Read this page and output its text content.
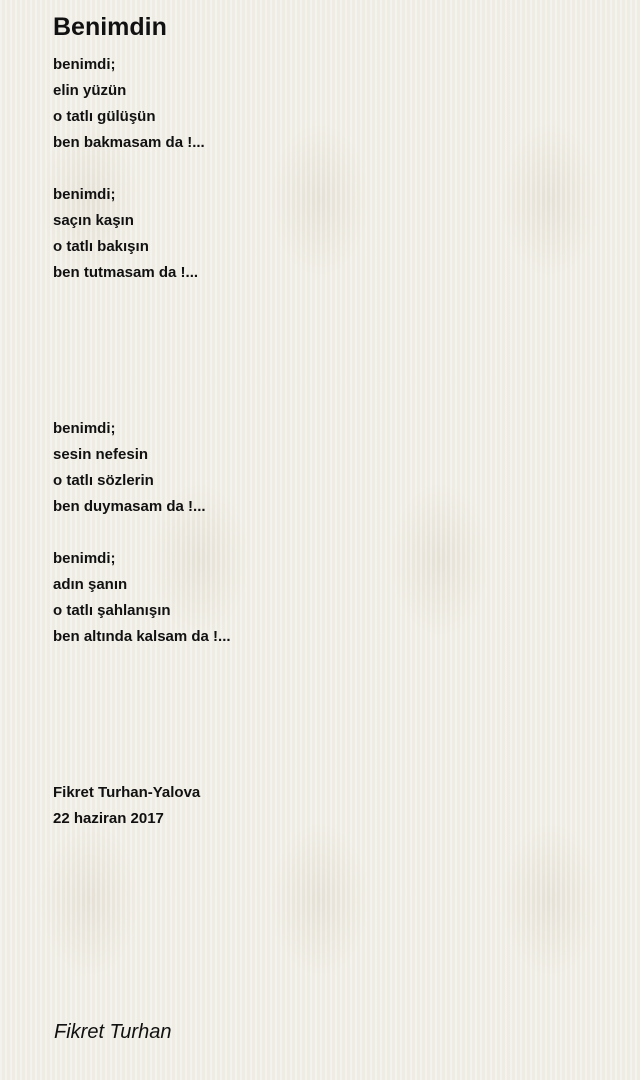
Benimdin
benimdi;
elin yüzün
o tatlı gülüşün
ben bakmasam da !...
benimdi;
saçın kaşın
o tatlı bakışın
ben tutmasam da !...
benimdi;
sesin nefesin
o tatlı sözlerin
ben duymasam da !...
benimdi;
adın şanın
o tatlı şahlanışın
ben altında kalsam da !...
Fikret Turhan-Yalova
22 haziran 2017
Fikret Turhan
